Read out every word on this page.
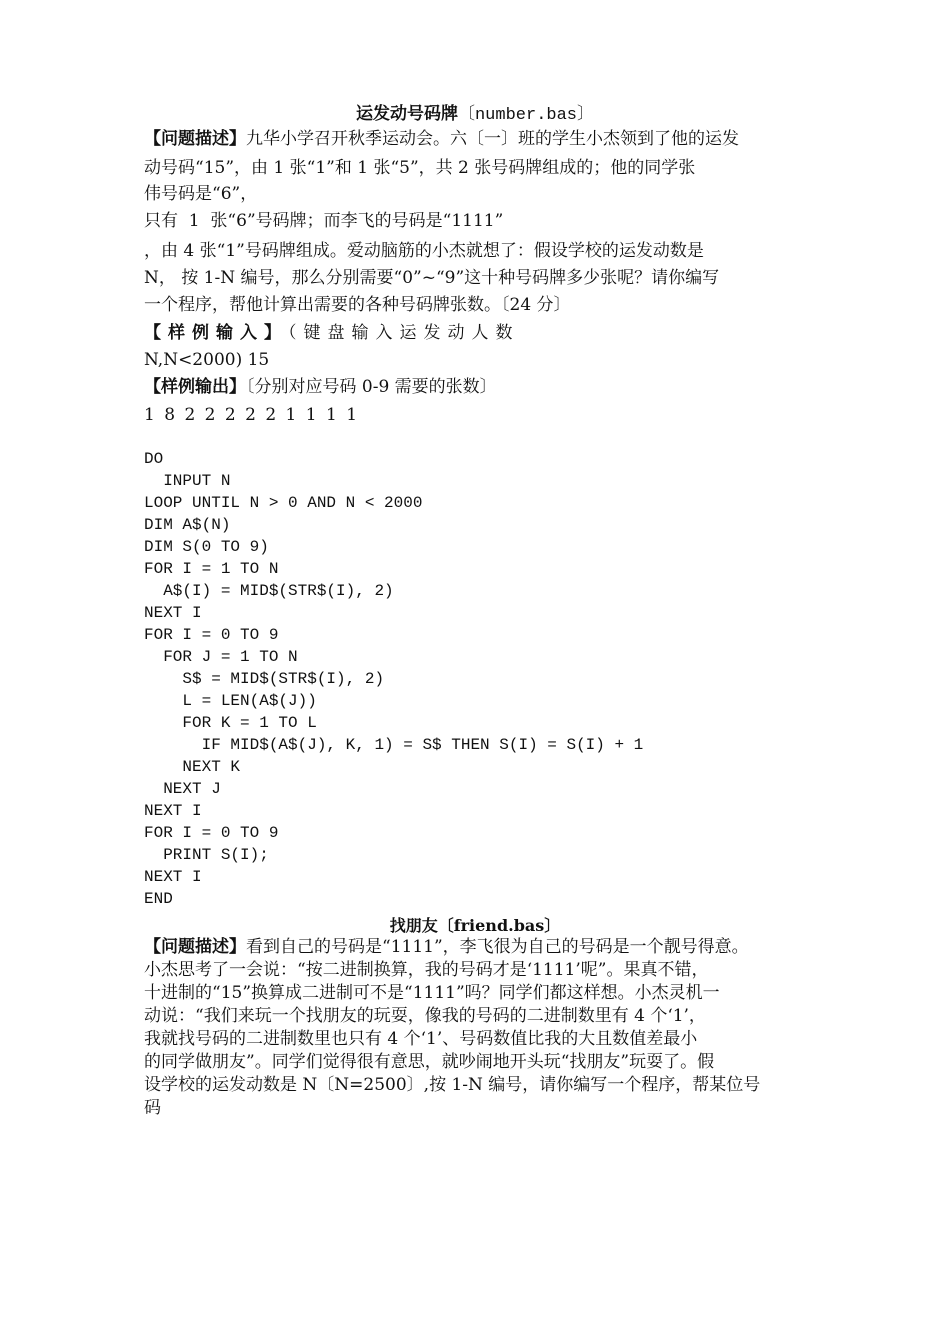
运发动号码牌〔number.bas〕
【问题描述】九华小学召开秋季运动会。六〔一〕班的学生小杰领到了他的运发
动号码“15”，由 1 张“1”和 1 张“5”，共 2 张号码牌组成的；他的同学张
伟号码是“6”，
只有  1  张“6”号码牌；而李飞的号码是“1111”
，由 4 张“1”号码牌组成。爱动脑筋的小杰就想了：假设学校的运发动数是
N， 按 1-N 编号，那么分别需要“0”~“9”这十种号码牌多少张呢？请你编写
一个程序，帮他计算出需要的各种号码牌张数。〔24 分〕
【样例输入】（键盘输入运发动人数
N,N<2000) 15
【样例输出】〔分别对应号码 0-9 需要的张数〕
1 8 2 2 2 2 2 1 1 1 1
DO
INPUT N
LOOP UNTIL N > 0 AND N < 2000
DIM A$(N)
DIM S(0 TO 9)
FOR I = 1 TO N
A$(I) = MID$(STR$(I), 2)
NEXT I
FOR I = 0 TO 9
FOR J = 1 TO N
S$ = MID$(STR$(I), 2)
L = LEN(A$(J))
FOR K = 1 TO L
IF MID$(A$(J), K, 1) = S$ THEN S(I) = S(I) + 1
NEXT K
NEXT J
NEXT I
FOR I = 0 TO 9
PRINT S(I);
NEXT I
END
找朋友〔friend.bas〕
【问题描述】看到自己的号码是“1111”，李飞很为自己的号码是一个靓号得意。
小杰思考了一会说：“按二进制换算，我的号码才是‘1111’呢”。果真不错，
十进制的“15”换算成二进制可不是“1111”吗？同学们都这样想。小杰灵机一
动说：“我们来玩一个找朋友的玩耍，像我的号码的二进制数里有 4 个‘1’，
我就找号码的二进制数里也只有 4 个‘1’、号码数值比我的大且数值差最小
的同学做朋友”。同学们觉得很有意思，就吵闹地开头玩“找朋友”玩耍了。假
设学校的运发动数是 N〔N=2500〕,按 1-N 编号，请你编写一个程序，帮某位号
码
